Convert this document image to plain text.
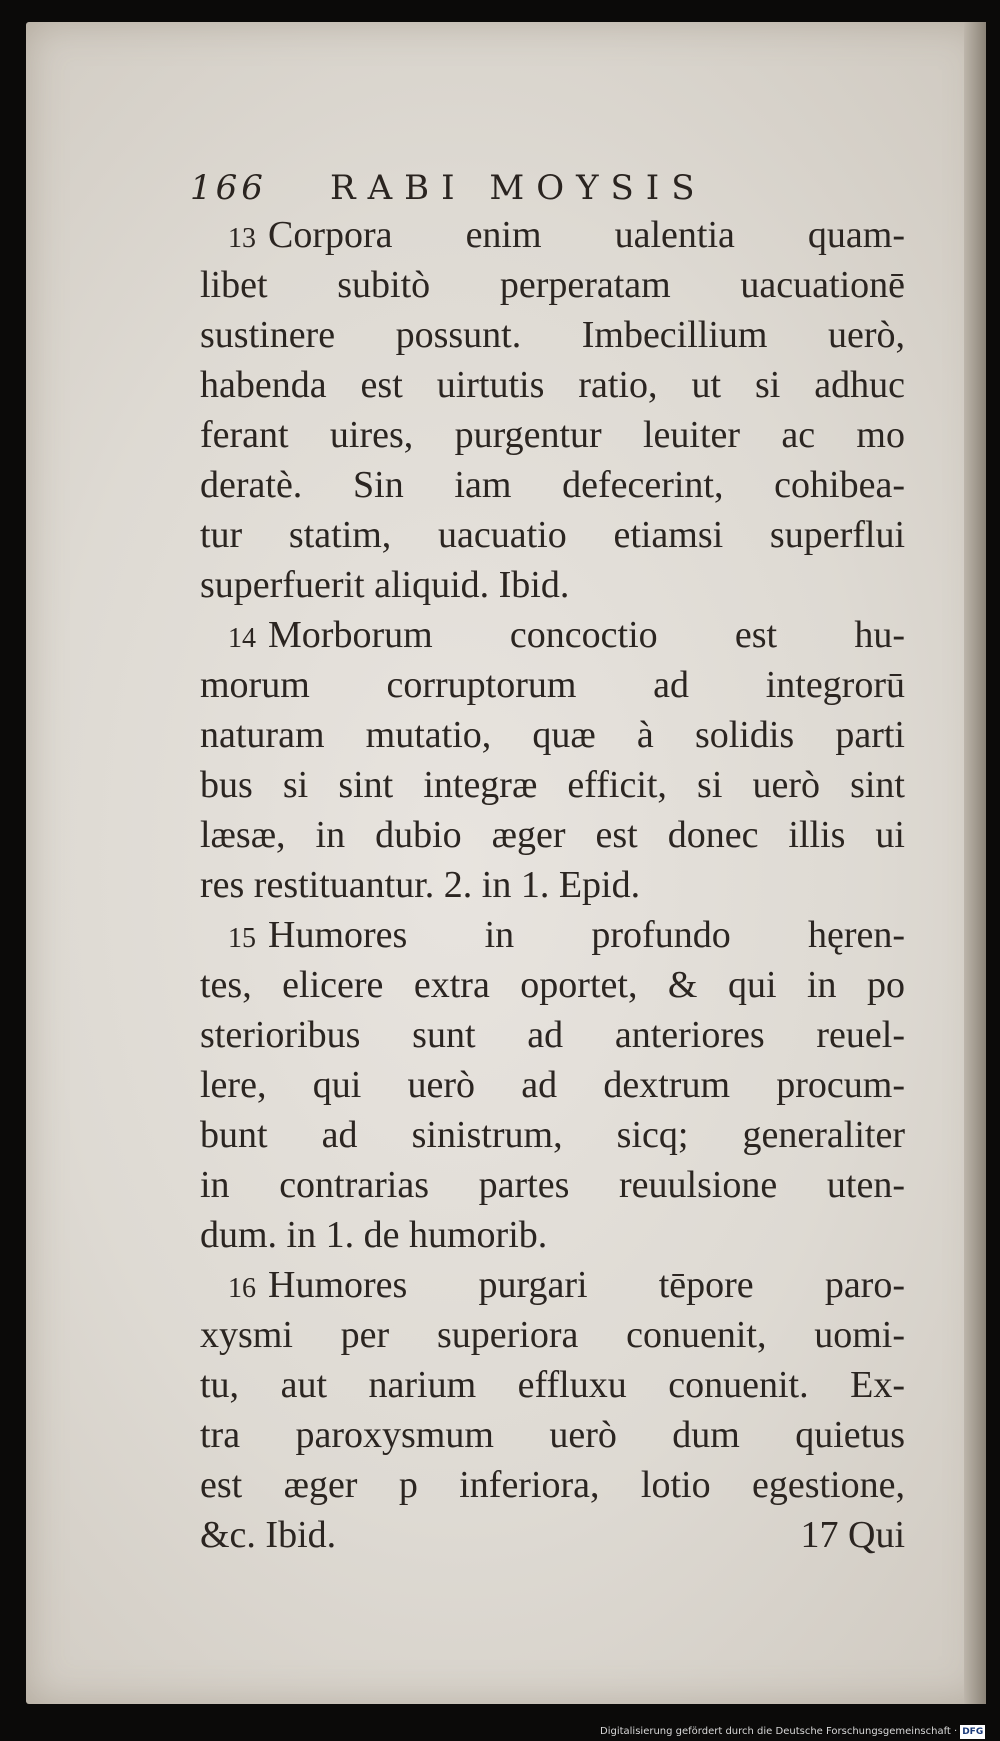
166 RABI MOYSIS
13 Corpora enim ualentia quam-
libet subitò perperatam uacuationē
sustinere possunt. Imbecillium uerò,
habenda est uirtutis ratio, ut si adhuc
ferant uires, purgentur leuiter ac mo
deratè. Sin iam defecerint, cohibea-
tur statim, uacuatio etiamsi superflui
superfuerit aliquid. Ibid.
14 Morborum concoctio est hu-
morum corruptorum ad integrorū
naturam mutatio, quæ à solidis parti
bus si sint integræ efficit, si uerò sint
læsæ, in dubio æger est donec illis ui
res restituantur. 2. in 1. Epid.
15 Humores in profundo hęren-
tes, elicere extra oportet, & qui in po
sterioribus sunt ad anteriores reuel-
lere, qui uerò ad dextrum procum-
bunt ad sinistrum, sicq; generaliter
in contrarias partes reuulsione uten-
dum. in 1. de humorib.
16 Humores purgari tēpore paro-
xysmi per superiora conuenit, uomi-
tu, aut narium effluxu conuenit. Ex-
tra paroxysmum uerò dum quietus
est æger p inferiora, lotio egestione,
&c. Ibid.	17 Qui
Digitalisierung gefördert durch die Deutsche Forschungsgemeinschaft · DFG
